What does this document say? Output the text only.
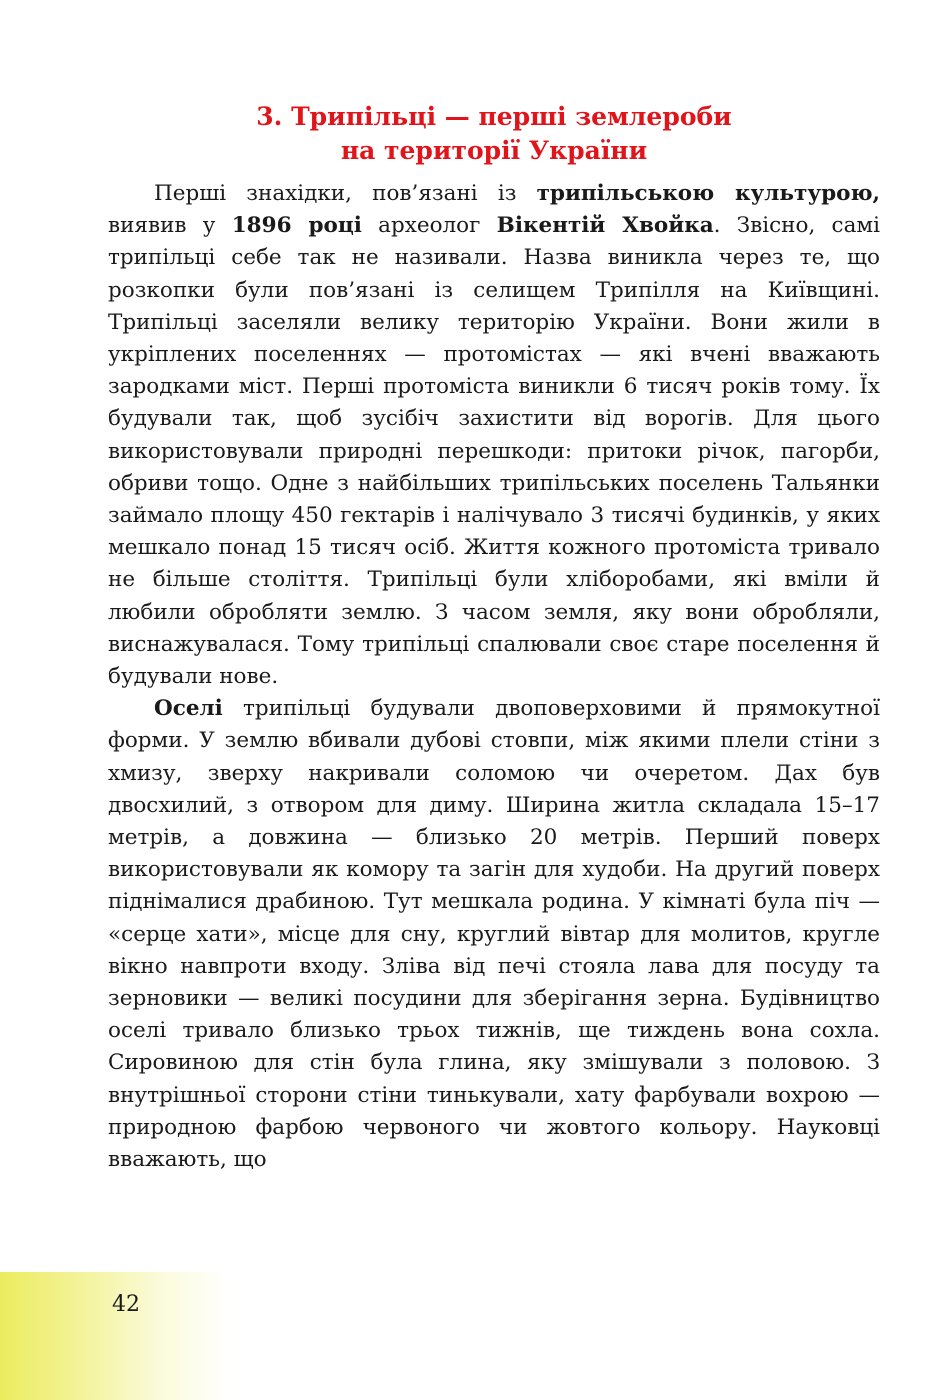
3. Трипільці — перші землероби
на території України

Перші знахідки, пов’язані із трипільською культурою, виявив у 1896 році археолог Вікентій Хвойка. Звісно, самі трипільці себе так не називали. Назва виникла через те, що розкопки були пов’язані із селищем Трипілля на Київщині. Трипільці заселяли велику територію України. Вони жили в укріплених поселеннях — протомістах — які вчені вважають зародками міст. Перші протоміста виникли 6 тисяч років тому. Їх будували так, щоб зусібіч захистити від ворогів. Для цього використовували природні перешкоди: притоки річок, пагорби, обриви тощо. Одне з найбільших трипільських поселень Тальянки займало площу 450 гектарів і налічувало 3 тисячі будинків, у яких мешкало понад 15 тисяч осіб. Життя кожного протоміста тривало не більше століття. Трипільці були хліборобами, які вміли й любили обробляти землю. З часом земля, яку вони обробляли, виснажувалася. Тому трипільці спалювали своє старе поселення й будували нове.

Оселі трипільці будували двоповерховими й прямокутної форми. У землю вбивали дубові стовпи, між якими плели стіни з хмизу, зверху накривали соломою чи очеретом. Дах був двосхилий, з отвором для диму. Ширина житла складала 15–17 метрів, а довжина — близько 20 метрів. Перший поверх використовували як комору та загін для худоби. На другий поверх піднімалися драбиною. Тут мешкала родина. У кімнаті була піч — «серце хати», місце для сну, круглий вівтар для молитов, кругле вікно навпроти входу. Зліва від печі стояла лава для посуду та зерновики — великі посудини для зберігання зерна. Будівництво оселі тривало близько трьох тижнів, ще тиждень вона сохла. Сировиною для стін була глина, яку змішували з половою. З внутрішньої сторони стіни тинькували, хату фарбували вохрою — природною фарбою червоного чи жовтого кольору. Науковці вважають, що

42
